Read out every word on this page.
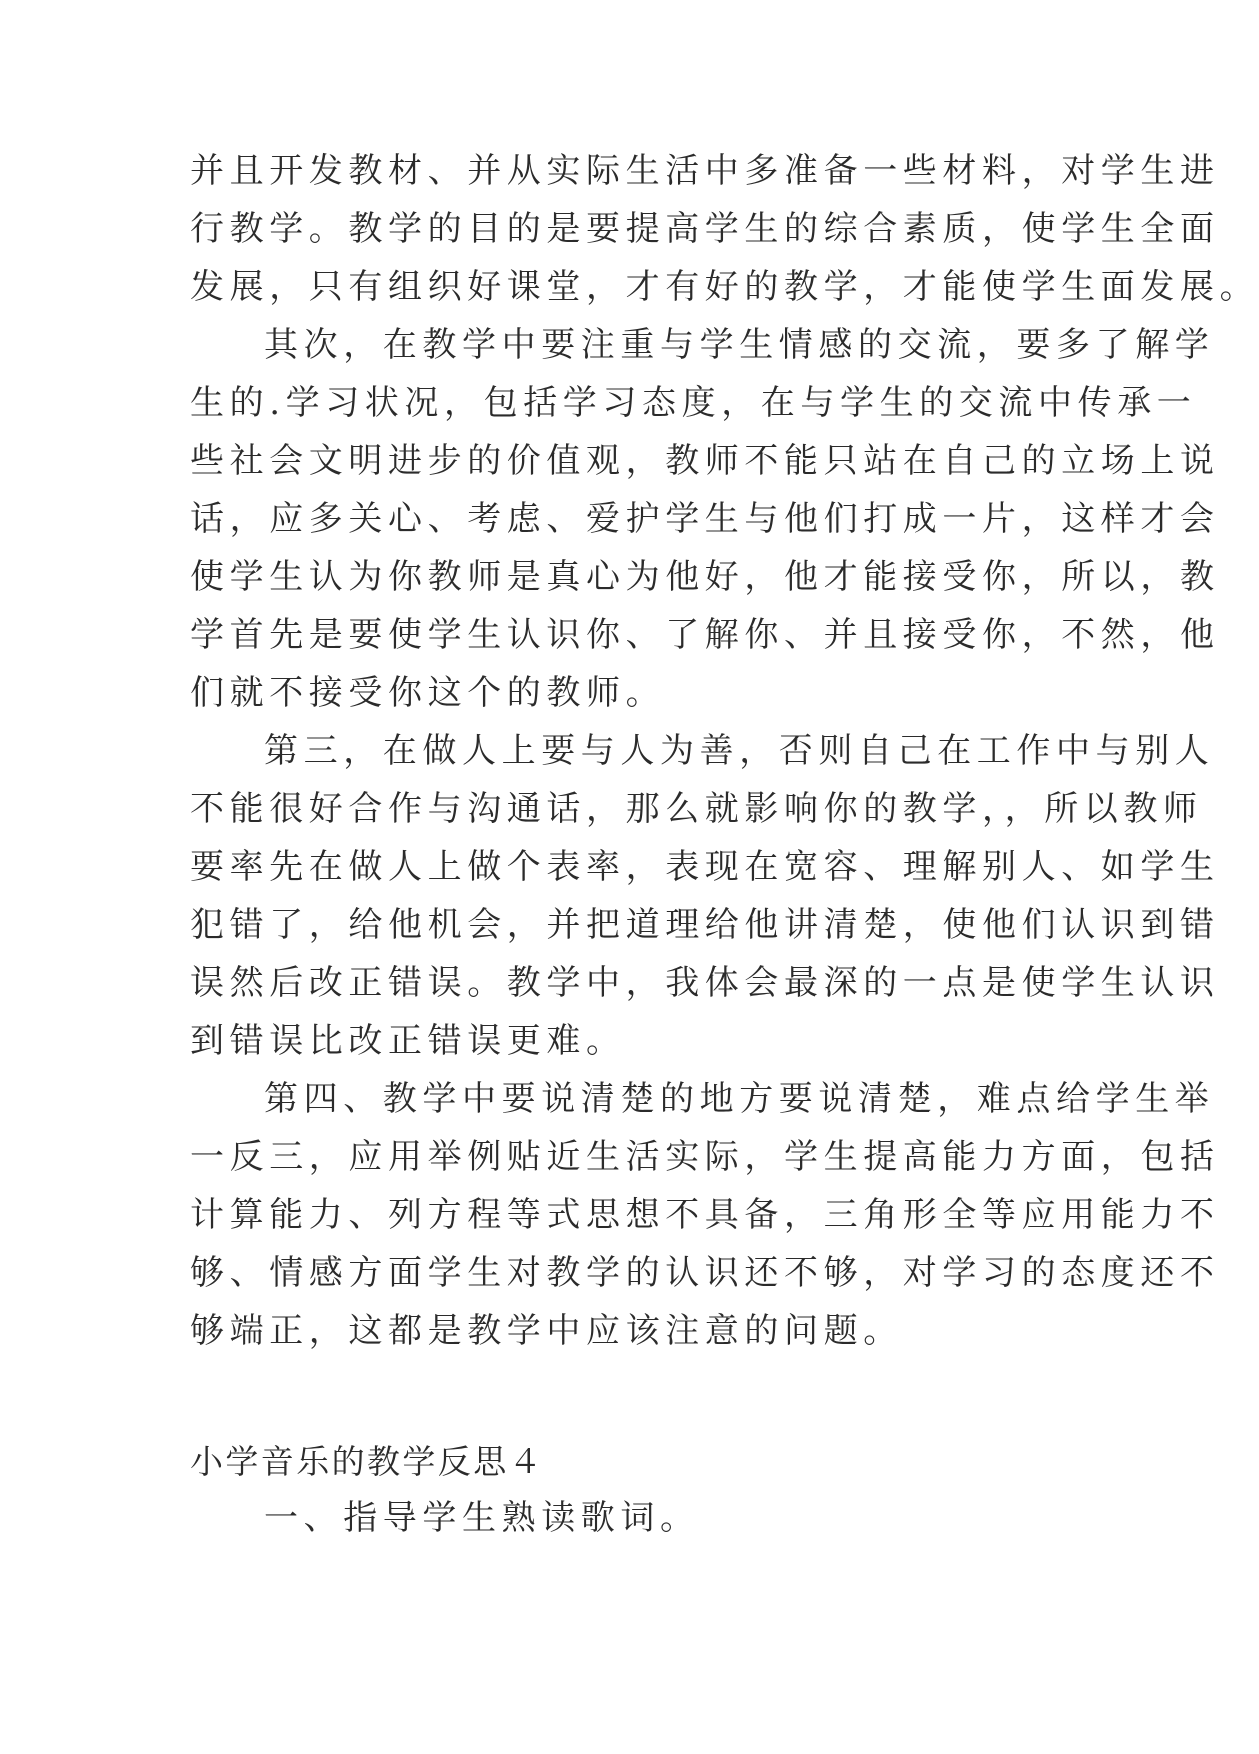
并且开发教材、并从实际生活中多准备一些材料，对学生进
行教学。教学的目的是要提高学生的综合素质，使学生全面
发展，只有组织好课堂，才有好的教学，才能使学生面发展。
其次，在教学中要注重与学生情感的交流，要多了解学
生的.学习状况，包括学习态度，在与学生的交流中传承一
些社会文明进步的价值观，教师不能只站在自己的立场上说
话，应多关心、考虑、爱护学生与他们打成一片，这样才会
使学生认为你教师是真心为他好，他才能接受你，所以，教
学首先是要使学生认识你、了解你、并且接受你，不然，他
们就不接受你这个的教师。
第三，在做人上要与人为善，否则自己在工作中与别人
不能很好合作与沟通话，那么就影响你的教学，，所以教师
要率先在做人上做个表率，表现在宽容、理解别人、如学生
犯错了，给他机会，并把道理给他讲清楚，使他们认识到错
误然后改正错误。教学中，我体会最深的一点是使学生认识
到错误比改正错误更难。
第四、教学中要说清楚的地方要说清楚，难点给学生举
一反三，应用举例贴近生活实际，学生提高能力方面，包括
计算能力、列方程等式思想不具备，三角形全等应用能力不
够、情感方面学生对教学的认识还不够，对学习的态度还不
够端正，这都是教学中应该注意的问题。
小学音乐的教学反思４
一、指导学生熟读歌词。
